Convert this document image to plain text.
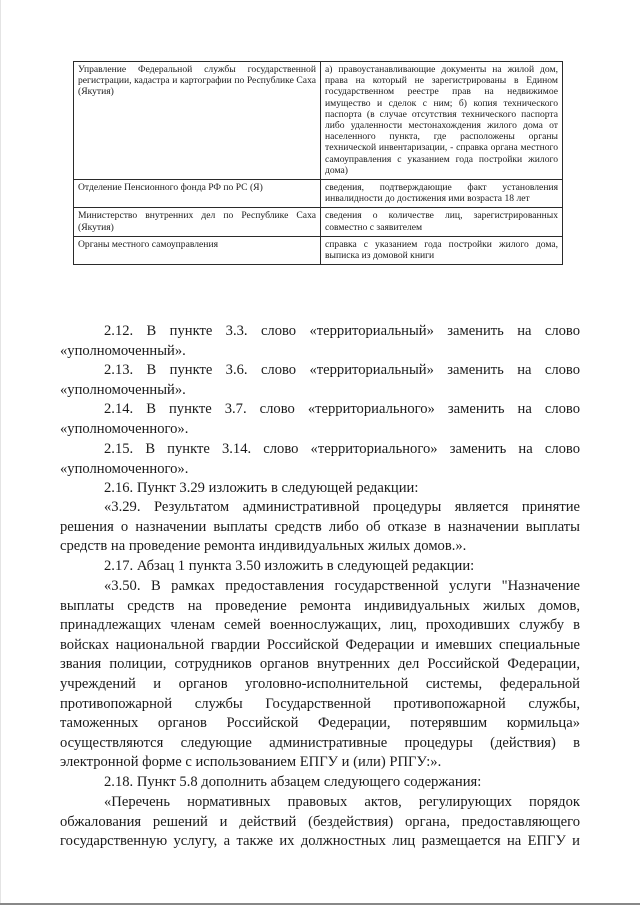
Управление Федеральной службы государственной регистрации, кадастра и картографии по Республике Саха (Якутия)	а) правоустанавливающие документы на жилой дом, права на который не зарегистрированы в Едином государственном реестре прав на недвижимое имущество и сделок с ним; б) копия технического паспорта (в случае отсутствия технического паспорта либо удаленности местонахождения жилого дома от населенного пункта, где расположены органы технической инвентаризации, - справка органа местного самоуправления с указанием года постройки жилого дома)
Отделение Пенсионного фонда РФ по РС (Я)	сведения, подтверждающие факт установления инвалидности до достижения ими возраста 18 лет
Министерство внутренних дел по Республике Саха (Якутия)	сведения о количестве лиц, зарегистрированных совместно с заявителем
Органы местного самоуправления	справка с указанием года постройки жилого дома, выписка из домовой книги
2.12. В пункте 3.3. слово «территориальный» заменить на слово «уполномоченный».
2.13. В пункте 3.6. слово «территориальный» заменить на слово «уполномоченный».
2.14. В пункте 3.7. слово «территориального» заменить на слово «уполномоченного».
2.15. В пункте 3.14. слово «территориального» заменить на слово «уполномоченного».
2.16. Пункт 3.29 изложить в следующей редакции:
«3.29. Результатом административной процедуры является принятие решения о назначении выплаты средств либо об отказе в назначении выплаты средств на проведение ремонта индивидуальных жилых домов.».
2.17. Абзац 1 пункта 3.50 изложить в следующей редакции:
«3.50. В рамках предоставления государственной услуги "Назначение выплаты средств на проведение ремонта индивидуальных жилых домов, принадлежащих членам семей военнослужащих, лиц, проходивших службу в войсках национальной гвардии Российской Федерации и имевших специальные звания полиции, сотрудников органов внутренних дел Российской Федерации, учреждений и органов уголовно-исполнительной системы, федеральной противопожарной службы Государственной противопожарной службы, таможенных органов Российской Федерации, потерявшим кормильца» осуществляются следующие административные процедуры (действия) в электронной форме с использованием ЕПГУ и (или) РПГУ:».
2.18. Пункт 5.8 дополнить абзацем следующего содержания:
«Перечень нормативных правовых актов, регулирующих порядок обжалования решений и действий (бездействия) органа, предоставляющего государственную услугу, а также их должностных лиц размещается на ЕПГУ и
